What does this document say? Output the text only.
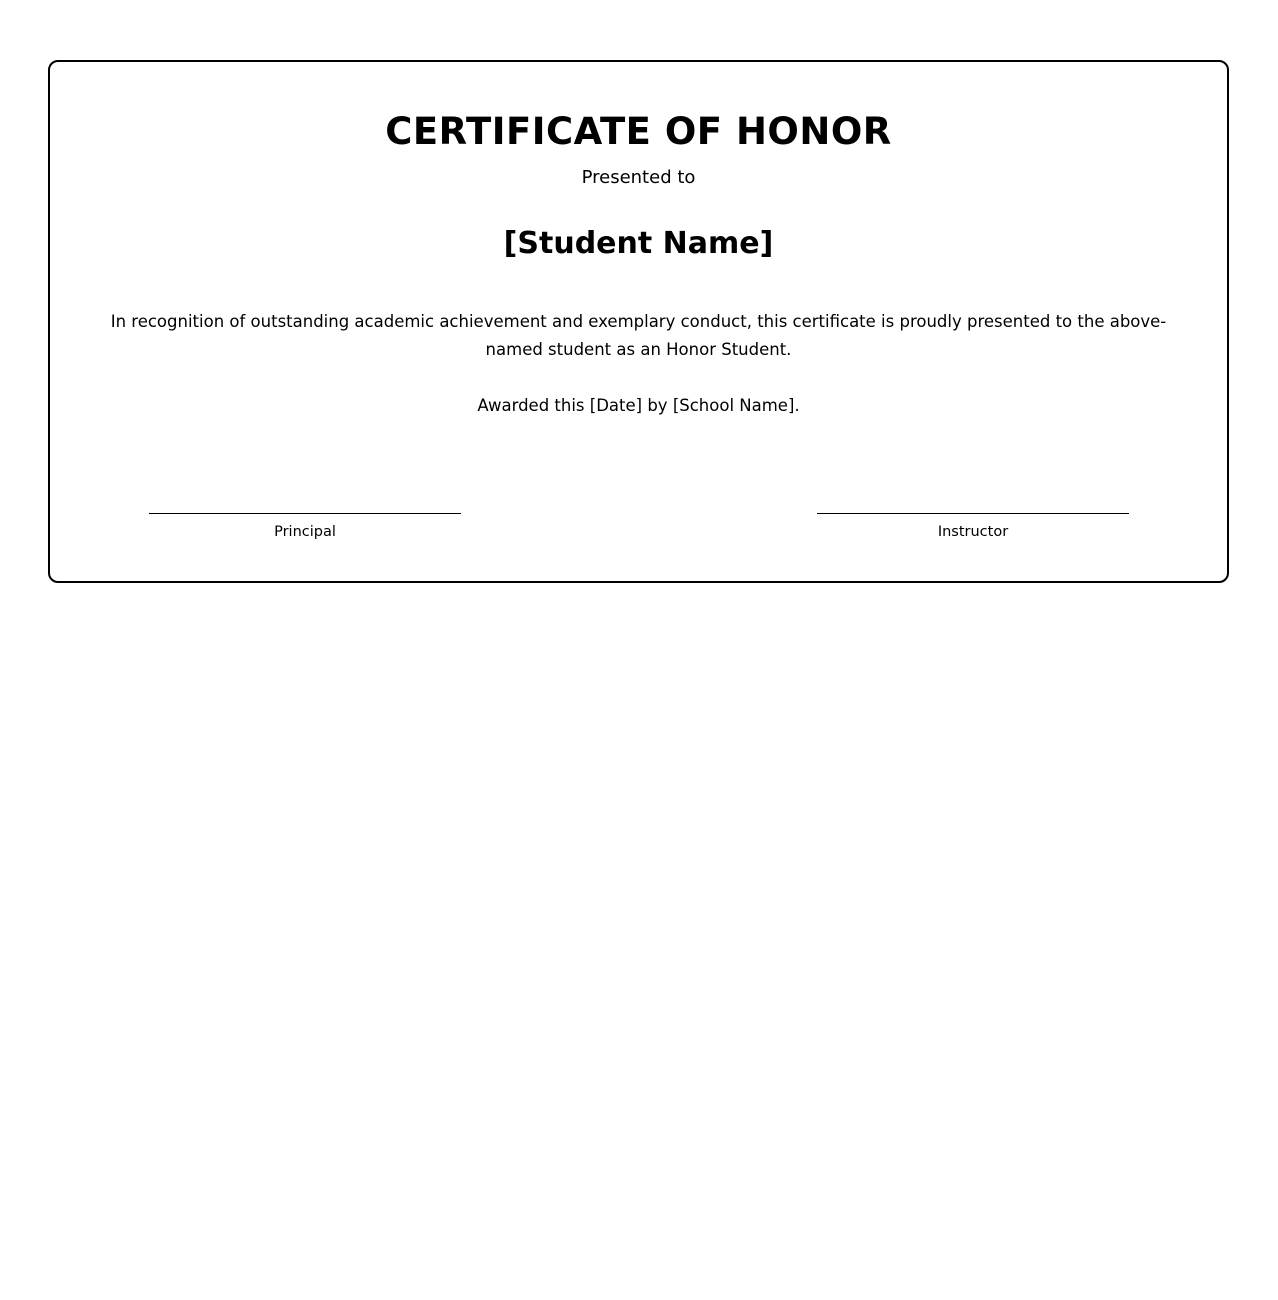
CERTIFICATE OF HONOR
Presented to
[Student Name]
In recognition of outstanding academic achievement and exemplary conduct, this certificate is proudly presented to the above-named student as an Honor Student.
Awarded this [Date] by [School Name].
Principal	Instructor
